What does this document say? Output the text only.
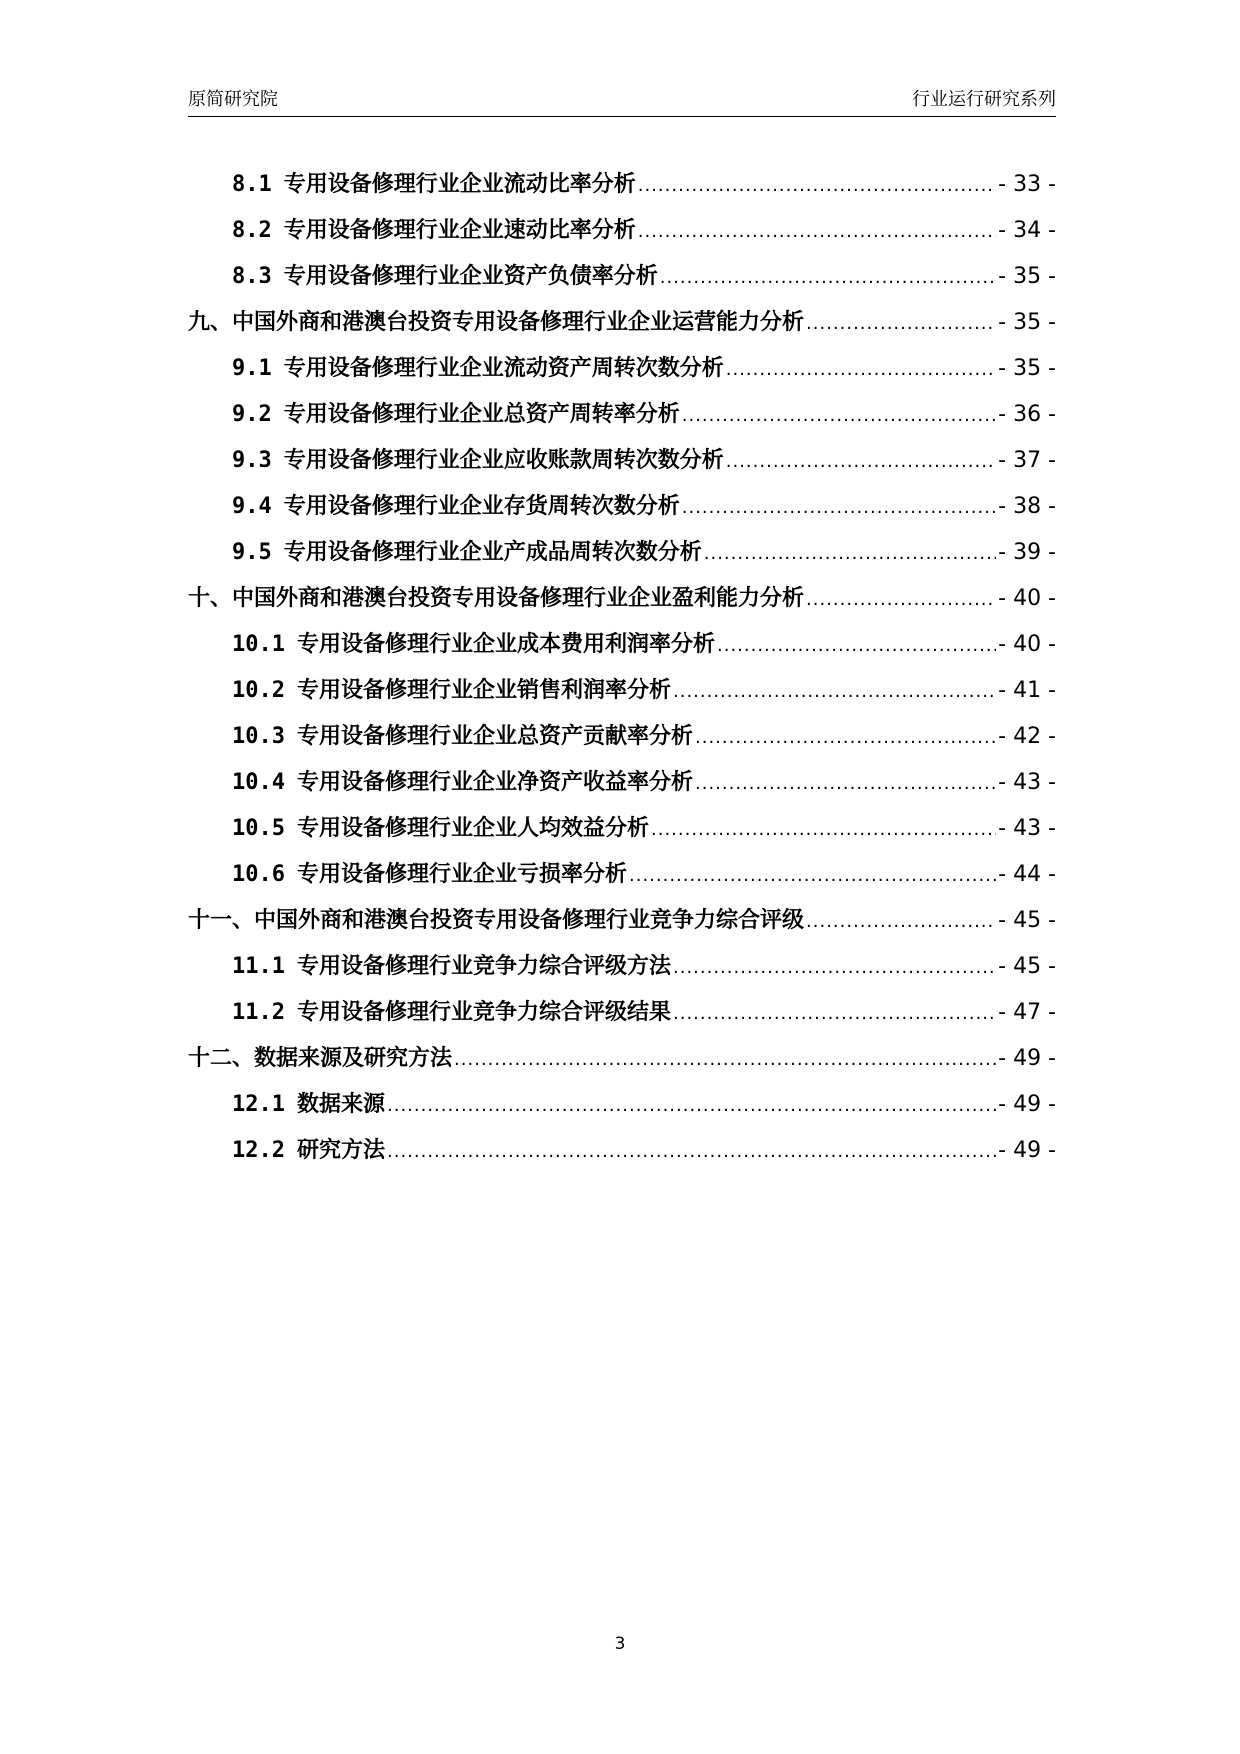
原简研究院	行业运行研究系列
8.1 专用设备修理行业企业流动比率分析 .....	- 33 -
8.2 专用设备修理行业企业速动比率分析 .....	- 34 -
8.3 专用设备修理行业企业资产负债率分析 .....	- 35 -
九、 中国外商和港澳台投资专用设备修理行业企业运营能力分析 .....	- 35 -
9.1 专用设备修理行业企业流动资产周转次数分析 .....	- 35 -
9.2 专用设备修理行业企业总资产周转率分析 .....	- 36 -
9.3 专用设备修理行业企业应收账款周转次数分析 .....	- 37 -
9.4 专用设备修理行业企业存货周转次数分析 .....	- 38 -
9.5 专用设备修理行业企业产成品周转次数分析 .....	- 39 -
十、 中国外商和港澳台投资专用设备修理行业企业盈利能力分析 .....	- 40 -
10.1 专用设备修理行业企业成本费用利润率分析 .....	- 40 -
10.2 专用设备修理行业企业销售利润率分析 .....	- 41 -
10.3 专用设备修理行业企业总资产贡献率分析 .....	- 42 -
10.4 专用设备修理行业企业净资产收益率分析 .....	- 43 -
10.5 专用设备修理行业企业人均效益分析 .....	- 43 -
10.6 专用设备修理行业企业亏损率分析 .....	- 44 -
十一、 中国外商和港澳台投资专用设备修理行业竞争力综合评级 .....	- 45 -
11.1 专用设备修理行业竞争力综合评级方法 .....	- 45 -
11.2 专用设备修理行业竞争力综合评级结果 .....	- 47 -
十二、 数据来源及研究方法 .....	- 49 -
12.1 数据来源 .....	- 49 -
12.2 研究方法 .....	- 49 -
3
